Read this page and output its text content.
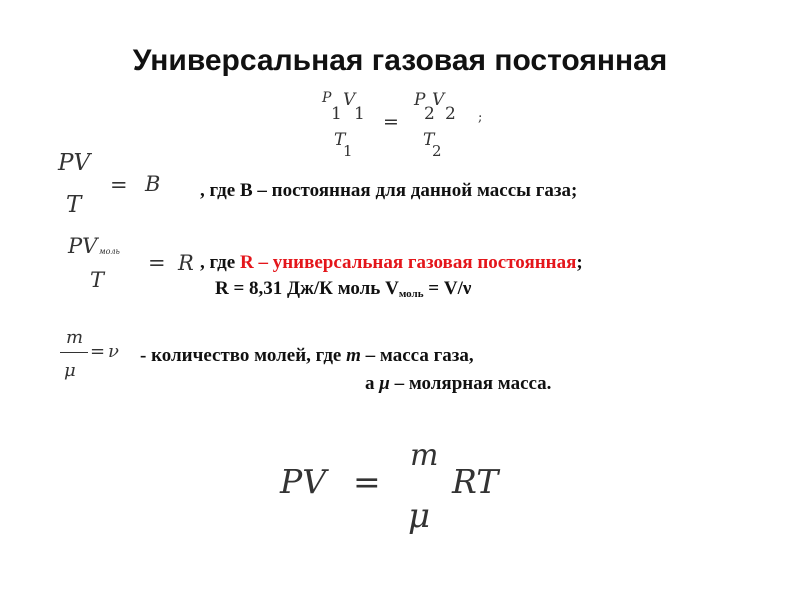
Универсальная газовая постоянная
P V
1 1
T
1
=
P V
2 2
T
2
;
PV
T
= B , где В – постоянная для данной массы газа;
PV моль
T
= R , где R – универсальная газовая постоянная;
R = 8,31 Дж/К моль $V_{моль} = V/\nu$
m
μ
= ν - количество молей, где m – масса газа,
а μ – молярная масса.
PV =
m
μ
RT
